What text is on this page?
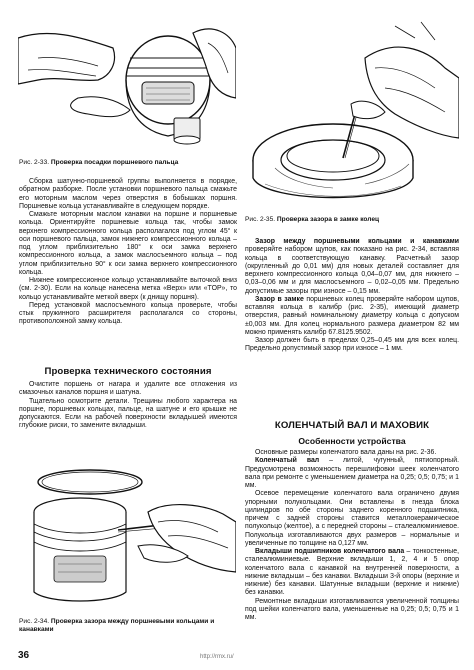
Рис. 2-33. Проверка посадки поршневого пальца

Сборка шатунно-поршневой группы выполняется в порядке, обратном разборке. После установки поршневого пальца смажьте его моторным маслом через отверстия в бобышках поршня. Поршневые кольца устанавливайте в следующем порядке.

Смажьте моторным маслом канавки на поршне и поршневые кольца. Ориентируйте поршневые кольца так, чтобы замок верхнего компрессионного кольца располагался под углом 45° к оси поршневого пальца, замок нижнего компрессионного кольца – под углом приблизительно 180° к оси замка верхнего компрессионного кольца, а замок маслосъемного кольца – под углом приблизительно 90° к оси замка верхнего компрессионного кольца.

Нижнее компрессионное кольцо устанавливайте выточкой вниз (см. 2-30). Если на кольце нанесена метка «Верх» или «TOP», то кольцо устанавливайте меткой вверх (к днищу поршня).

Перед установкой маслосъемного кольца проверьте, чтобы стык пружинного расширителя располагался со стороны, противоположной замку кольца.

Проверка технического состояния

Очистите поршень от нагара и удалите все отложения из смазочных каналов поршня и шатуна.

Тщательно осмотрите детали. Трещины любого характера на поршне, поршневых кольцах, пальце, на шатуне и его крышке не допускаются. Если на рабочей поверхности вкладышей имеются глубокие риски, то замените вкладыши.

Рис. 2-34. Проверка зазора между поршневыми кольцами и канавками
Рис. 2-35. Проверка зазора в замке колец

Зазор между поршневыми кольцами и канавками проверяйте набором щупов, как показано на рис. 2-34, вставляя кольца в соответствующую канавку. Расчетный зазор (округленный до 0,01 мм) для новых деталей составляет для верхнего компрессионного кольца 0,04–0,07 мм, для нижнего – 0,03–0,06 мм и для маслосъемного – 0,02–0,05 мм. Предельно допустимые зазоры при износе – 0,15 мм.

Зазор в замке поршневых колец проверяйте набором щупов, вставляя кольца в калибр (рис. 2-35), имеющий диаметр отверстия, равный номинальному диаметру кольца с допуском ±0,003 мм. Для колец нормального размера диаметром 82 мм можно применять калибр 67.8125.9502.

Зазор должен быть в пределах 0,25–0,45 мм для всех колец. Предельно допустимый зазор при износе – 1 мм.

КОЛЕНЧАТЫЙ ВАЛ И МАХОВИК
Особенности устройства

Основные размеры коленчатого вала даны на рис. 2-36.

Коленчатый вал – литой, чугунный, пятиопорный. Предусмотрена возможность перешлифовки шеек коленчатого вала при ремонте с уменьшением диаметра на 0,25; 0,5; 0,75; и 1 мм.

Осевое перемещение коленчатого вала ограничено двумя упорными полукольцами. Они вставлены в гнезда блока цилиндров по обе стороны заднего коренного подшипника, причем с задней стороны ставится металлокерамическое полукольцо (желтое), а с передней стороны – сталеалюминиевое. Полукольца изготавливаются двух размеров – нормальные и увеличенные по толщине на 0,127 мм.

Вкладыши подшипников коленчатого вала – тонкостенные, сталеалюминиевые. Верхние вкладыши 1, 2, 4 и 5 опор коленчатого вала с канавкой на внутренней поверхности, а нижние вкладыши – без канавки. Вкладыши 3-й опоры (верхние и нижние) без канавки. Шатунные вкладыши (верхние и нижние) без канавки.

Ремонтные вкладыши изготавливаются увеличенной толщины под шейки коленчатого вала, уменьшенные на 0,25; 0,5; 0,75 и 1 мм.

36	http://rmx.ru/
